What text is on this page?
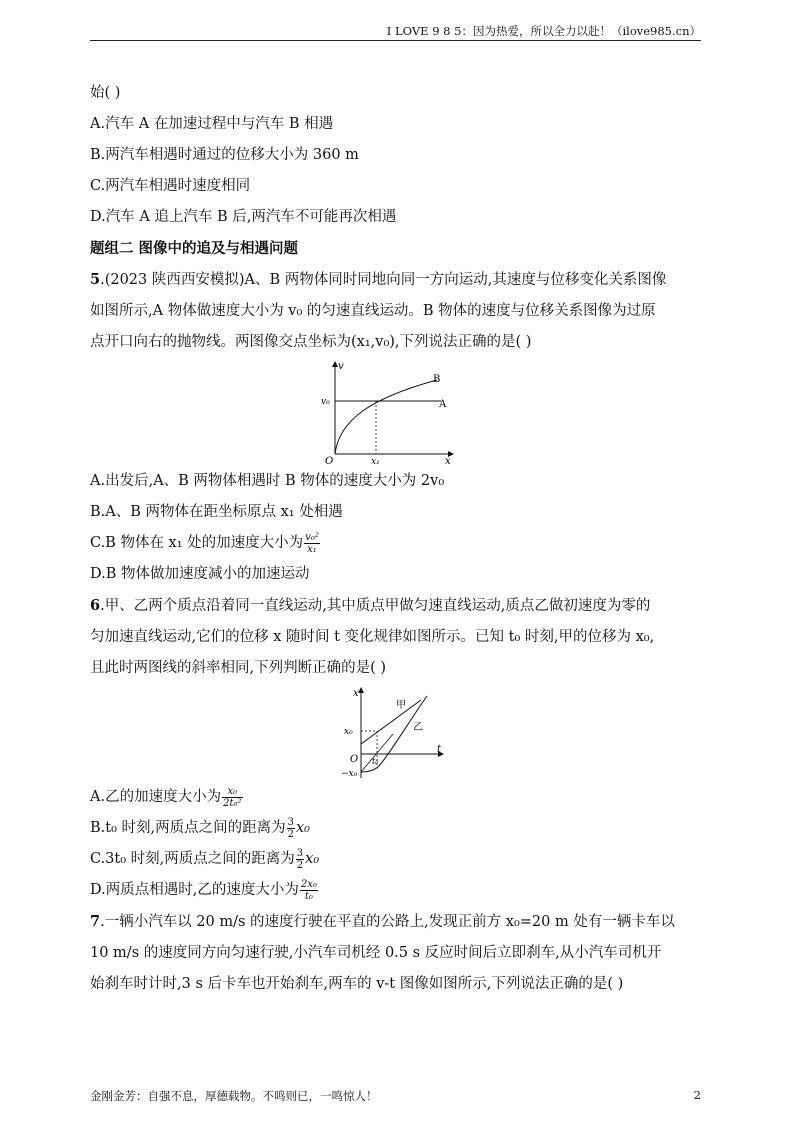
I LOVE 9 8 5：因为热爱，所以全力以赴！（ilove985.cn）
始( )
A.汽车 A 在加速过程中与汽车 B 相遇
B.两汽车相遇时通过的位移大小为 360 m
C.两汽车相遇时速度相同
D.汽车 A 追上汽车 B 后,两汽车不可能再次相遇
题组二 图像中的追及与相遇问题
5.(2023 陕西西安模拟)A、B 两物体同时同地向同一方向运动,其速度与位移变化关系图像
如图所示,A 物体做速度大小为 v₀ 的匀速直线运动。B 物体的速度与位移关系图像为过原
点开口向右的抛物线。两图像交点坐标为(x₁,v₀),下列说法正确的是( )
v
v₀
O	x₁	x
A
B
A.出发后,A、B 两物体相遇时 B 物体的速度大小为 2v₀
B.A、B 两物体在距坐标原点 x₁ 处相遇
C.B 物体在 x₁ 处的加速度大小为 $\frac{\text{v₀²}}{\text{x₁}}$
D.B 物体做加速度减小的加速运动
6.甲、乙两个质点沿着同一直线运动,其中质点甲做匀速直线运动,质点乙做初速度为零的
匀加速直线运动,它们的位移 x 随时间 t 变化规律如图所示。已知 t₀ 时刻,甲的位移为 x₀,
且此时两图线的斜率相同,下列判断正确的是( )
x
x₀
O
−x₀
t₀
t
甲
乙
A.乙的加速度大小为 $\frac{\text{x₀}}{\text{2t₀²}}$
B.t₀ 时刻,两质点之间的距离为 $\frac{3}{2} x_0$
C.3t₀ 时刻,两质点之间的距离为 $\frac{3}{2} x_0$
D.两质点相遇时,乙的速度大小为 $\frac{\text{2x₀}}{\text{t₀}}$
7.一辆小汽车以 20 m/s 的速度行驶在平直的公路上,发现正前方 x₀=20 m 处有一辆卡车以
10 m/s 的速度同方向匀速行驶,小汽车司机经 0.5 s 反应时间后立即刹车,从小汽车司机开
始刹车时计时,3 s 后卡车也开始刹车,两车的 v-t 图像如图所示,下列说法正确的是( )
金刚金芳：自强不息，厚德载物。不鸣则已，一鸣惊人！	2
